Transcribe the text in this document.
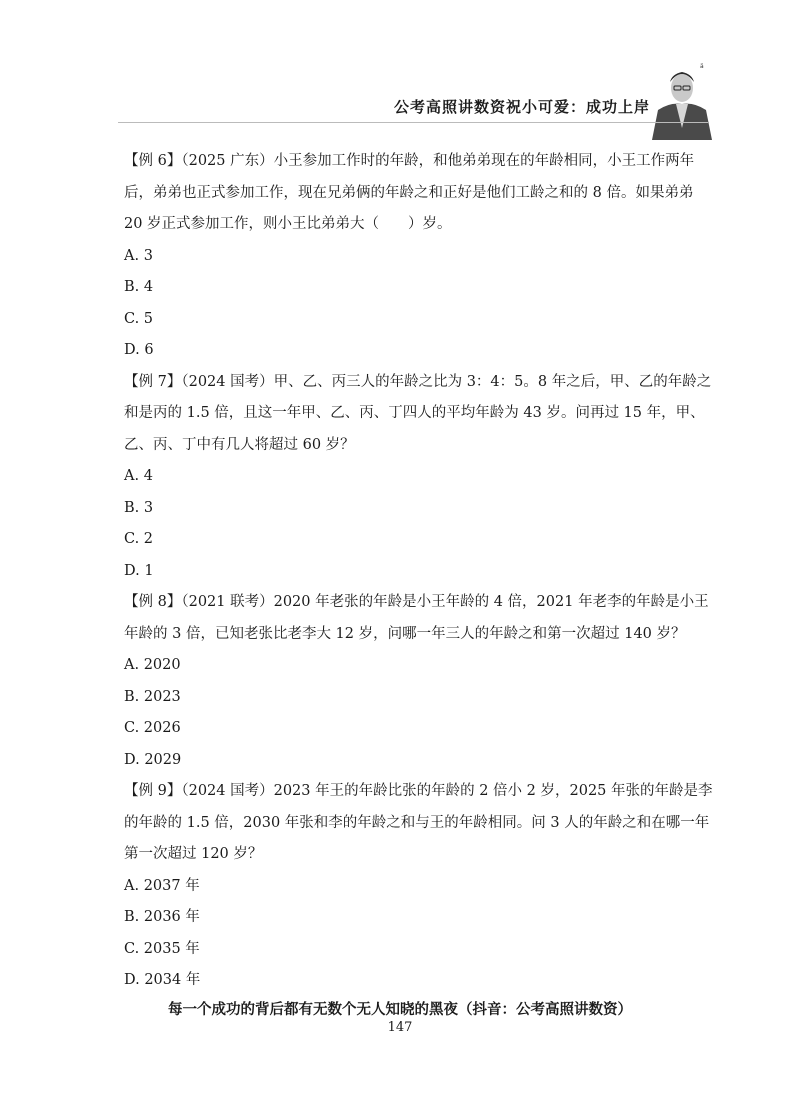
ä
公考高照讲数资祝小可爱：成功上岸

【例 6】（2025 广东）小王参加工作时的年龄，和他弟弟现在的年龄相同，小王工作两年后，弟弟也正式参加工作，现在兄弟俩的年龄之和正好是他们工龄之和的 8 倍。如果弟弟 20 岁正式参加工作，则小王比弟弟大（　　）岁。

A. 3

B. 4

C. 5

D. 6

【例 7】（2024 国考）甲、乙、丙三人的年龄之比为 3：4：5。8 年之后，甲、乙的年龄之和是丙的 1.5 倍，且这一年甲、乙、丙、丁四人的平均年龄为 43 岁。问再过 15 年，甲、乙、丙、丁中有几人将超过 60 岁？

A. 4

B. 3

C. 2

D. 1

【例 8】（2021 联考）2020 年老张的年龄是小王年龄的 4 倍，2021 年老李的年龄是小王年龄的 3 倍，已知老张比老李大 12 岁，问哪一年三人的年龄之和第一次超过 140 岁？

A. 2020

B. 2023

C. 2026

D. 2029

【例 9】（2024 国考）2023 年王的年龄比张的年龄的 2 倍小 2 岁，2025 年张的年龄是李的年龄的 1.5 倍，2030 年张和李的年龄之和与王的年龄相同。问 3 人的年龄之和在哪一年第一次超过 120 岁？

A. 2037 年

B. 2036 年

C. 2035 年

D. 2034 年

每一个成功的背后都有无数个无人知晓的黑夜（抖音：公考高照讲数资）
147
